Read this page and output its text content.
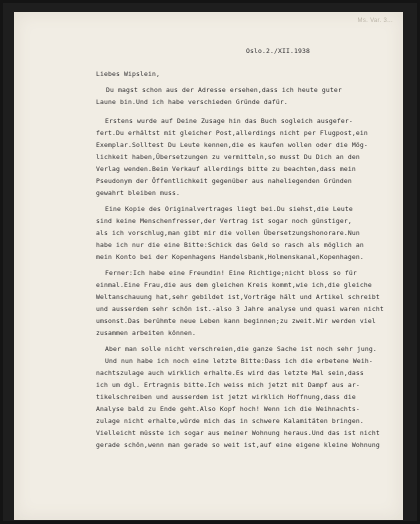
Ms. Var. 3...
Oslo.2./XII.1938
Liebes Wipslein,
Du magst schon aus der Adresse ersehen,dass ich heute guter
Laune bin.Und ich habe verschieden Gründe dafür.
Erstens wurde auf Deine Zusage hin das Buch sogleich ausgefer-
fert.Du erhältst mit gleicher Post,allerdings nicht per Flugpost,ein
Exemplar.Solltest Du Leute kennen,die es kaufen wollen oder die Mög-
lichkeit haben,Übersetzungen zu vermitteln,so musst Du Dich an den
Verlag wenden.Beim Verkauf allerdings bitte zu beachten,dass mein
Pseudonym der Öffentlichkeit gegenüber aus naheliegenden Gründen
gewahrt bleiben muss.
Eine Kopie des Originalvertrages liegt bei.Du siehst,die Leute
sind keine Menschenfresser,der Vertrag ist sogar noch günstiger,
als ich vorschlug,man gibt mir die vollen Übersetzungshonorare.Nun
habe ich nur die eine Bitte:Schick das Geld so rasch als möglich an
mein Konto bei der Kopenhagens Handelsbank,Holmenskanal,Kopenhagen.
Ferner:Ich habe eine Freundin! Eine Richtige;nicht bloss so für
einmal.Eine Frau,die aus dem gleichen Kreis kommt,wie ich,die gleiche
Weltanschauung hat,sehr gebildet ist,Vorträge hält und Artikel schreibt
und ausserdem sehr schön ist.-also 3 Jahre analyse und quasi waren nicht
umsonst.Das berühmte neue Leben kann beginnen;zu zweit.Wir werden viel
zusammen arbeiten können.
Aber man solle nicht verschreien,die ganze Sache ist noch sehr jung.
Und nun habe ich noch eine letzte Bitte:Dass ich die erbetene Weih-
nachtszulage auch wirklich erhalte.Es wird das letzte Mal sein,dass
ich um dgl. Ertragnis bitte.Ich weiss mich jetzt mit Dampf aus ar-
tikelschreiben und ausserdem ist jetzt wirklich Hoffnung,dass die
Analyse bald zu Ende geht.Also Kopf hoch! Wenn ich die Weihnachts-
zulage nicht erhalte,würde mich das in schwere Kalamitäten bringen.
Vielleicht müsste ich sogar aus meiner Wohnung heraus.Und das ist nicht
gerade schön,wenn man gerade so weit ist,auf eine eigene kleine Wohnung
